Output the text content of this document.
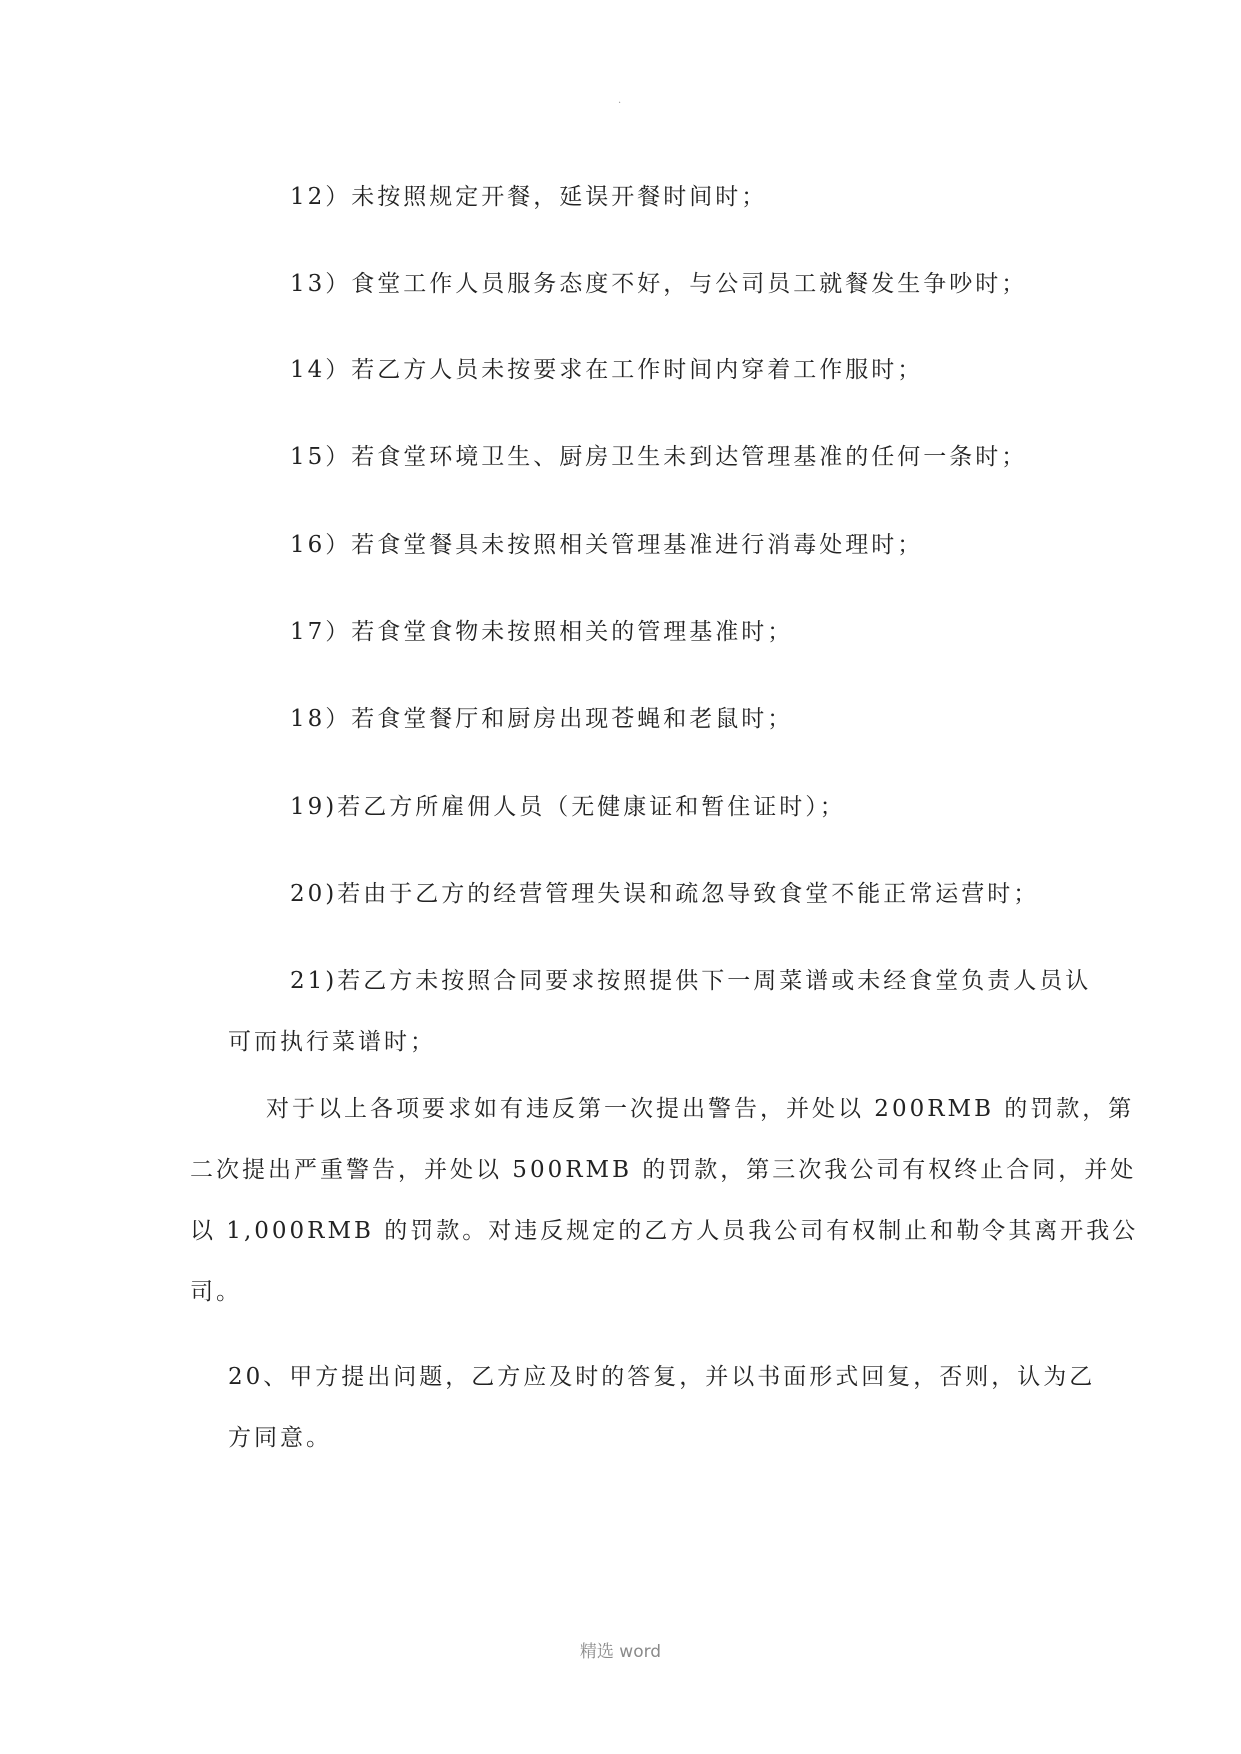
.
12）未按照规定开餐，延误开餐时间时；
13）食堂工作人员服务态度不好，与公司员工就餐发生争吵时；
14）若乙方人员未按要求在工作时间内穿着工作服时；
15）若食堂环境卫生、厨房卫生未到达管理基准的任何一条时；
16）若食堂餐具未按照相关管理基准进行消毒处理时；
17）若食堂食物未按照相关的管理基准时；
18）若食堂餐厅和厨房出现苍蝇和老鼠时；
19)若乙方所雇佣人员（无健康证和暂住证时）；
20)若由于乙方的经营管理失误和疏忽导致食堂不能正常运营时；
21)若乙方未按照合同要求按照提供下一周菜谱或未经食堂负责人员认
可而执行菜谱时；
对于以上各项要求如有违反第一次提出警告，并处以 200RMB 的罚款，第
二次提出严重警告，并处以 500RMB 的罚款，第三次我公司有权终止合同，并处
以 1,000RMB 的罚款。对违反规定的乙方人员我公司有权制止和勒令其离开我公
司。
20、甲方提出问题，乙方应及时的答复，并以书面形式回复，否则，认为乙
方同意。
精选 word
